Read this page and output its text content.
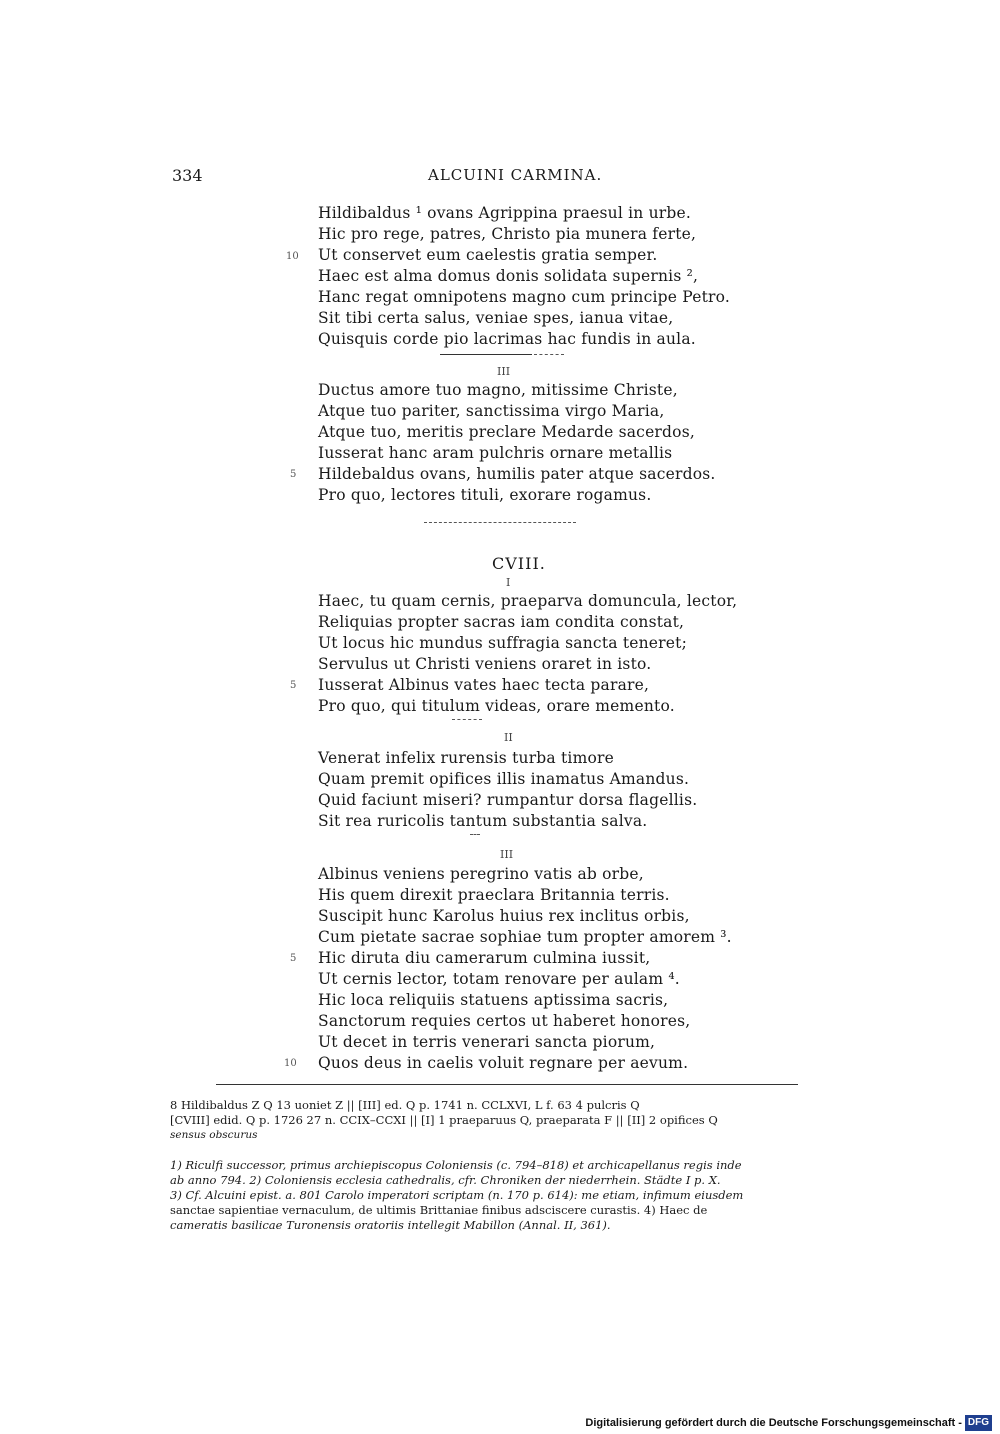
334	ALCUINI CARMINA.
Hildibaldus ¹ ovans Agrippina praesul in urbe.
Hic pro rege, patres, Christo pia munera ferte,
Ut conservet eum caelestis gratia semper.
Haec est alma domus donis solidata supernis ²,
Hanc regat omnipotens magno cum principe Petro.
Sit tibi certa salus, veniae spes, ianua vitae,
Quisquis corde pio lacrimas hac fundis in aula.
10
III
Ductus amore tuo magno, mitissime Christe,
Atque tuo pariter, sanctissima virgo Maria,
Atque tuo, meritis preclare Medarde sacerdos,
Iusserat hanc aram pulchris ornare metallis
Hildebaldus ovans, humilis pater atque sacerdos.
Pro quo, lectores tituli, exorare rogamus.
5
CVIII.
I
Haec, tu quam cernis, praeparva domuncula, lector,
Reliquias propter sacras iam condita constat,
Ut locus hic mundus suffragia sancta teneret;
Servulus ut Christi veniens oraret in isto.
Iusserat Albinus vates haec tecta parare,
Pro quo, qui titulum videas, orare memento.
5
II
Venerat infelix rurensis turba timore
Quam premit opifices illis inamatus Amandus.
Quid faciunt miseri? rumpantur dorsa flagellis.
Sit rea ruricolis tantum substantia salva.
III
Albinus veniens peregrino vatis ab orbe,
His quem direxit praeclara Britannia terris.
Suscipit hunc Karolus huius rex inclitus orbis,
Cum pietate sacrae sophiae tum propter amorem ³.
Hic diruta diu camerarum culmina iussit,
Ut cernis lector, totam renovare per aulam ⁴.
Hic loca reliquiis statuens aptissima sacris,
Sanctorum requies certos ut haberet honores,
Ut decet in terris venerari sancta piorum,
Quos deus in caelis voluit regnare per aevum.
5
10
8 Hildibaldus Z Q 13 uoniet Z || [III] ed. Q p. 1741 n. CCLXVI, L f. 63 4 pulcris Q
[CVIII] edid. Q p. 1726 27 n. CCIX–CCXI || [I] 1 praeparuus Q, praeparata F || [II] 2 opifices Q
sensus obscurus
1) Riculfi successor, primus archiepiscopus Coloniensis (c. 794–818) et archicapellanus regis inde
ab anno 794. 2) Coloniensis ecclesia cathedralis, cfr. Chroniken der niederrhein. Städte I p. X.
3) Cf. Alcuini epist. a. 801 Carolo imperatori scriptam (n. 170 p. 614): me etiam, infimum eiusdem
sanctae sapientiae vernaculum, de ultimis Brittaniae finibus adsciscere curastis. 4) Haec de
cameratis basilicae Turonensis oratoriis intellegit Mabillon (Annal. II, 361).
Digitalisierung gefördert durch die Deutsche Forschungsgemeinschaft - DFG
